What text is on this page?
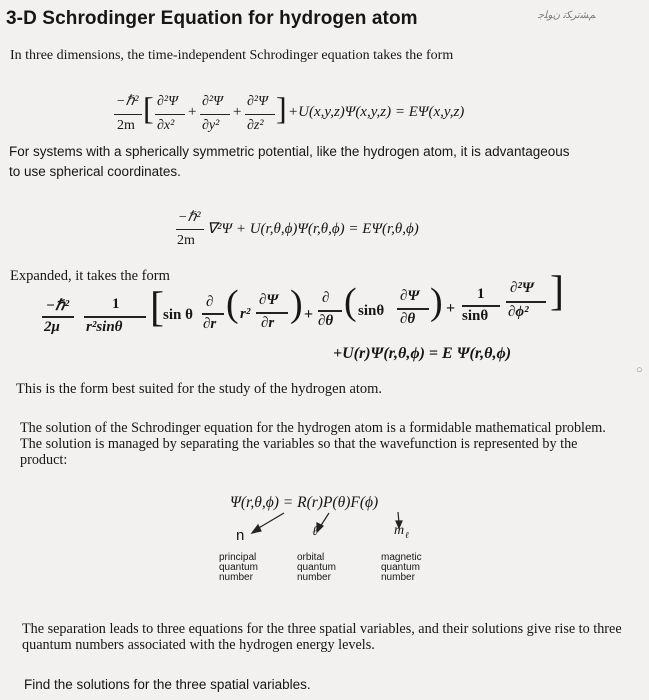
3-D Schrodinger Equation for hydrogen atom	ﻢﺸﺗﺮﻜﺗ ﻥﻮﻠﺟ
In three dimensions, the time-independent Schrodinger equation takes the form
−ℏ²
2m [ ∂²Ψ
∂x²
+
∂²Ψ
∂y²
+
∂²Ψ
∂z² ] +U(x,y,z)Ψ(x,y,z) = EΨ(x,y,z)
For systems with a spherically symmetric potential, like the hydrogen atom, it is advantageous
to use spherical coordinates.
−ℏ²
2m
∇²Ψ + U(r,θ,ϕ)Ψ(r,θ,ϕ) = EΨ(r,θ,ϕ)
Expanded, it takes the form
−ℏ²
2μ
1
r²sinθ [ sin θ
∂
∂r ( r²
∂Ψ
∂r ) +
∂
∂θ ( sinθ
∂Ψ
∂θ ) +
1
sinθ
∂²Ψ
∂ϕ² ]
+U(r)Ψ(r,θ,ϕ) = E Ψ(r,θ,ϕ)
This is the form best suited for the study of the hydrogen atom.
○
The solution of the Schrodinger equation for the hydrogen atom is a formidable mathematical problem. The solution is managed by separating the variables so that the wavefunction is represented by the product:
Ψ(r,θ,ϕ) = R(r)P(θ)F(ϕ)
n	ℓ	m ℓ
principal quantum number
orbital quantum number
magnetic quantum number
The separation leads to three equations for the three spatial variables, and their solutions give rise to three quantum numbers associated with the hydrogen energy levels.
Find the solutions for the three spatial variables.
